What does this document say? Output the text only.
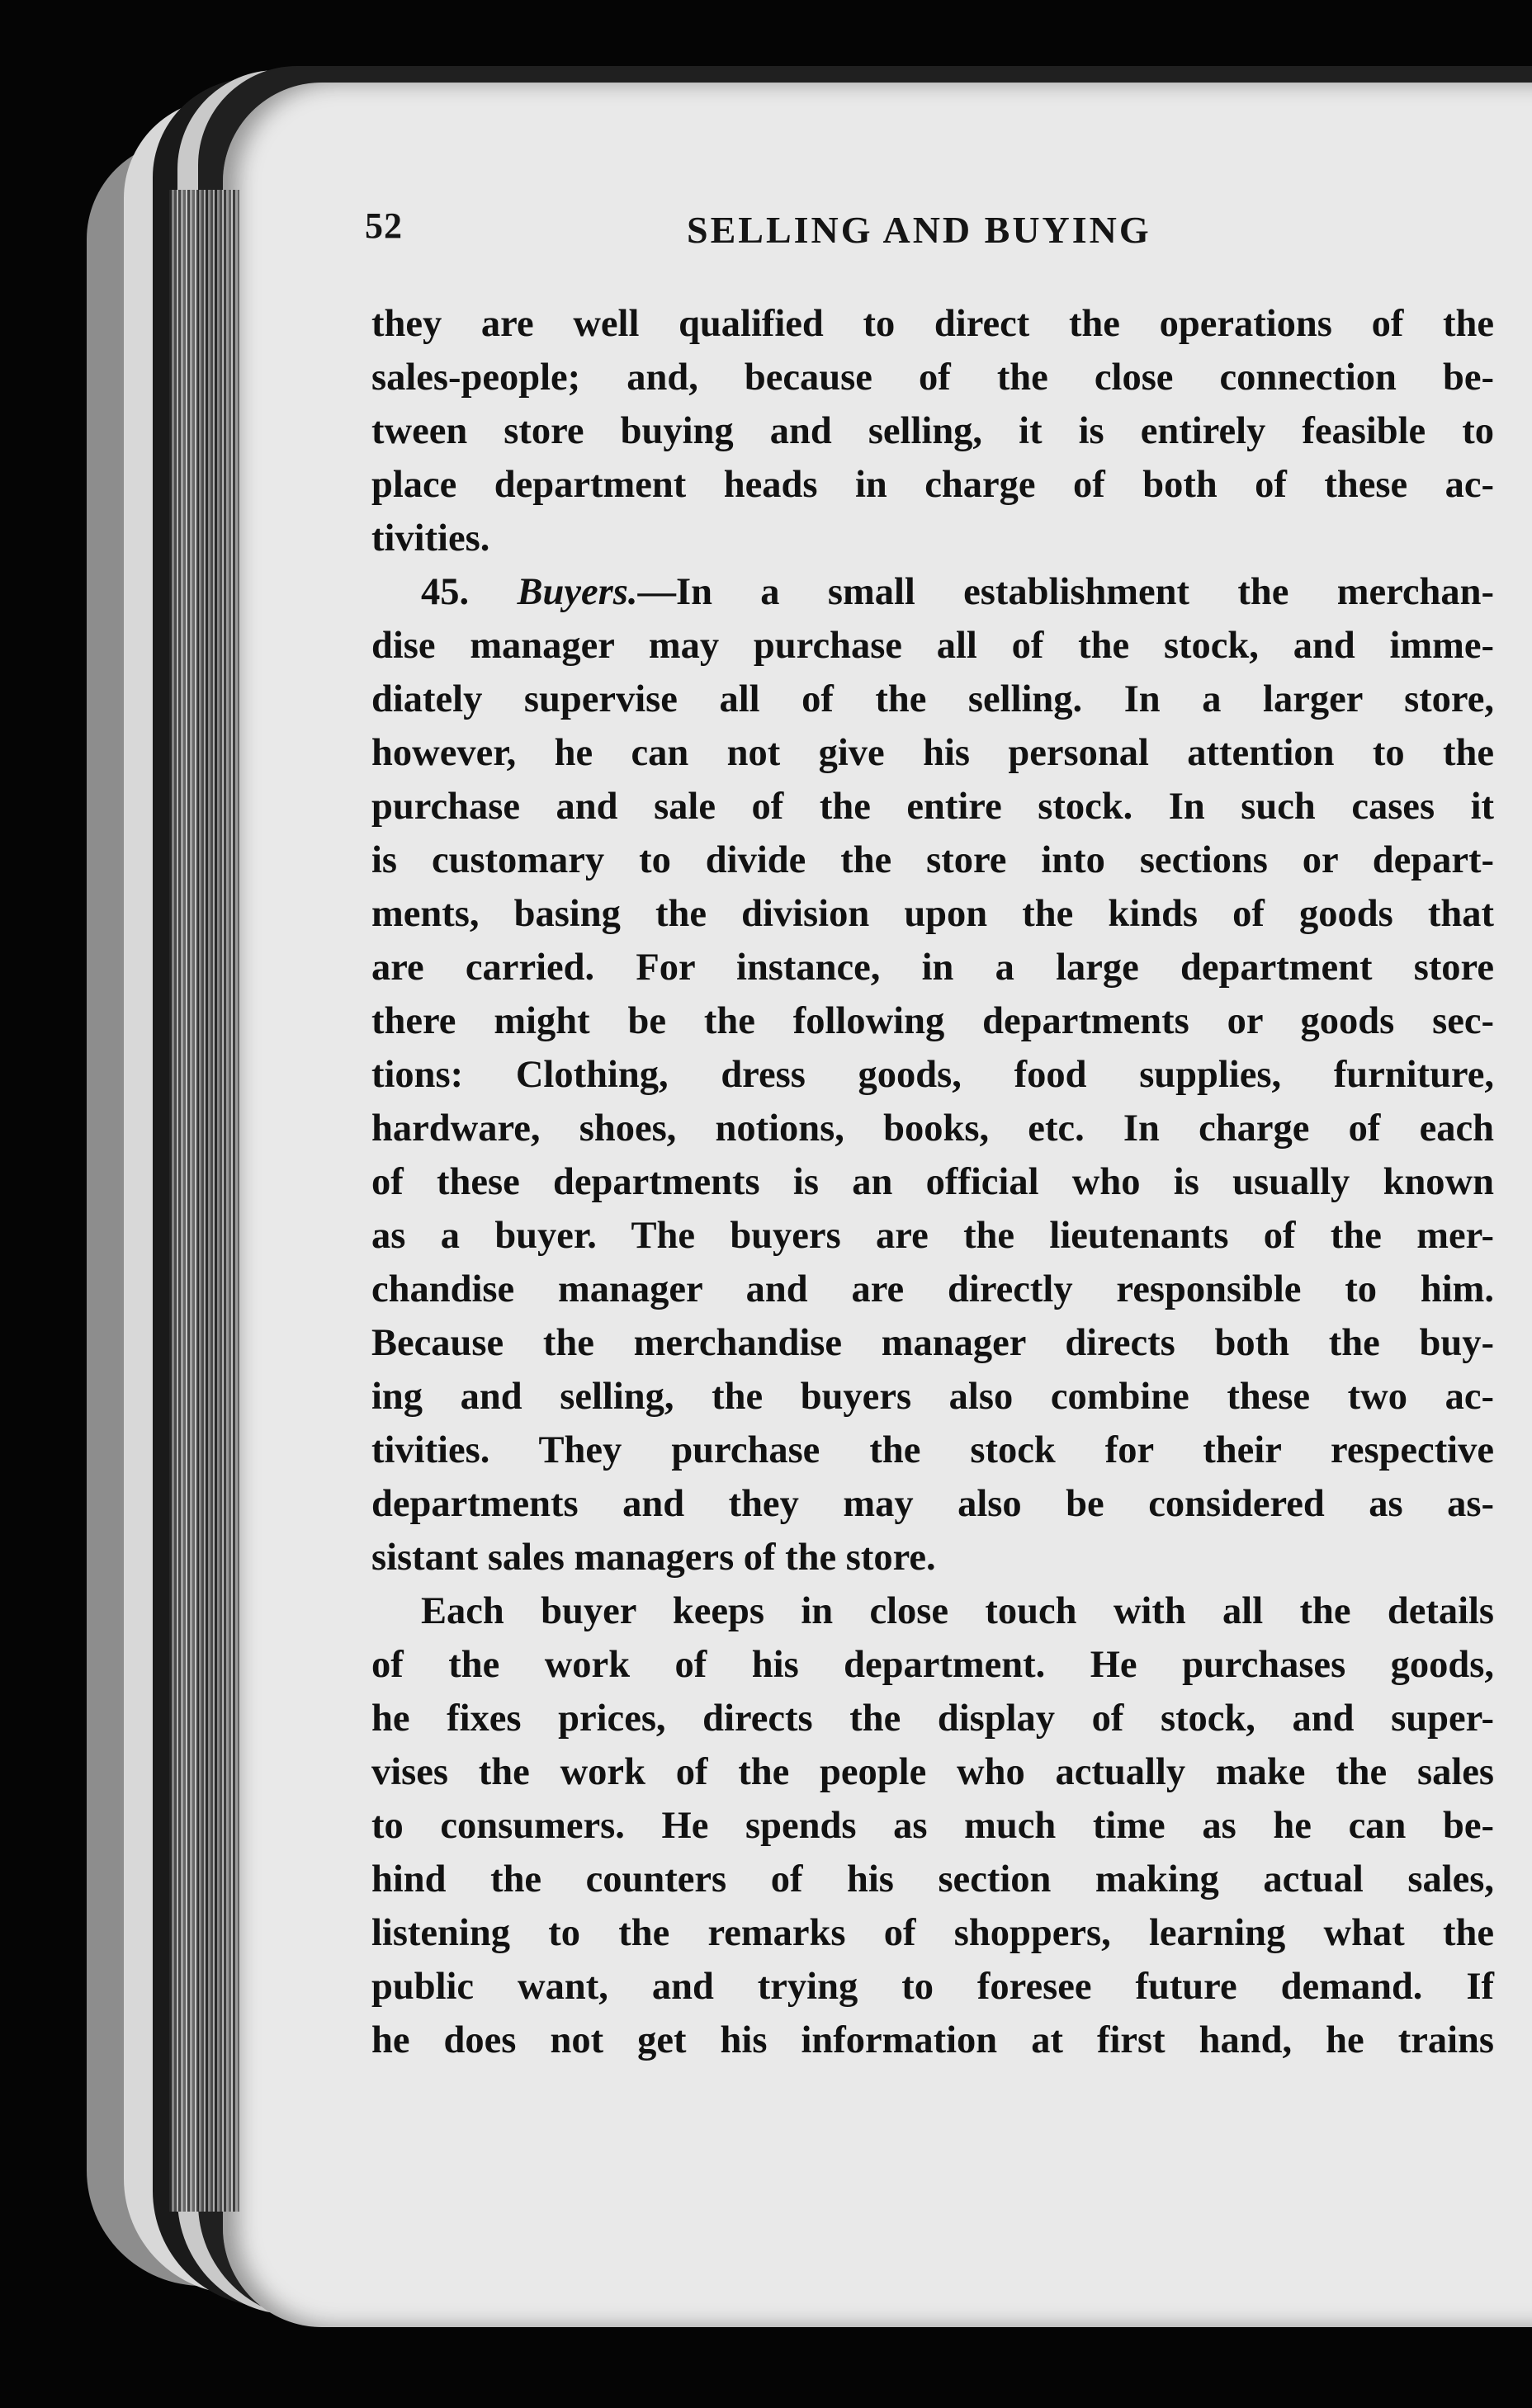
52	SELLING AND BUYING
they are well qualified to direct the operations of the
sales-people; and, because of the close connection be-
tween store buying and selling, it is entirely feasible to
place department heads in charge of both of these ac-
tivities.
45. Buyers.—In a small establishment the merchan-
dise manager may purchase all of the stock, and imme-
diately supervise all of the selling. In a larger store,
however, he can not give his personal attention to the
purchase and sale of the entire stock. In such cases it
is customary to divide the store into sections or depart-
ments, basing the division upon the kinds of goods that
are carried. For instance, in a large department store
there might be the following departments or goods sec-
tions: Clothing, dress goods, food supplies, furniture,
hardware, shoes, notions, books, etc. In charge of each
of these departments is an official who is usually known
as a buyer. The buyers are the lieutenants of the mer-
chandise manager and are directly responsible to him.
Because the merchandise manager directs both the buy-
ing and selling, the buyers also combine these two ac-
tivities. They purchase the stock for their respective
departments and they may also be considered as as-
sistant sales managers of the store.
Each buyer keeps in close touch with all the details
of the work of his department. He purchases goods,
he fixes prices, directs the display of stock, and super-
vises the work of the people who actually make the sales
to consumers. He spends as much time as he can be-
hind the counters of his section making actual sales,
listening to the remarks of shoppers, learning what the
public want, and trying to foresee future demand. If
he does not get his information at first hand, he trains
